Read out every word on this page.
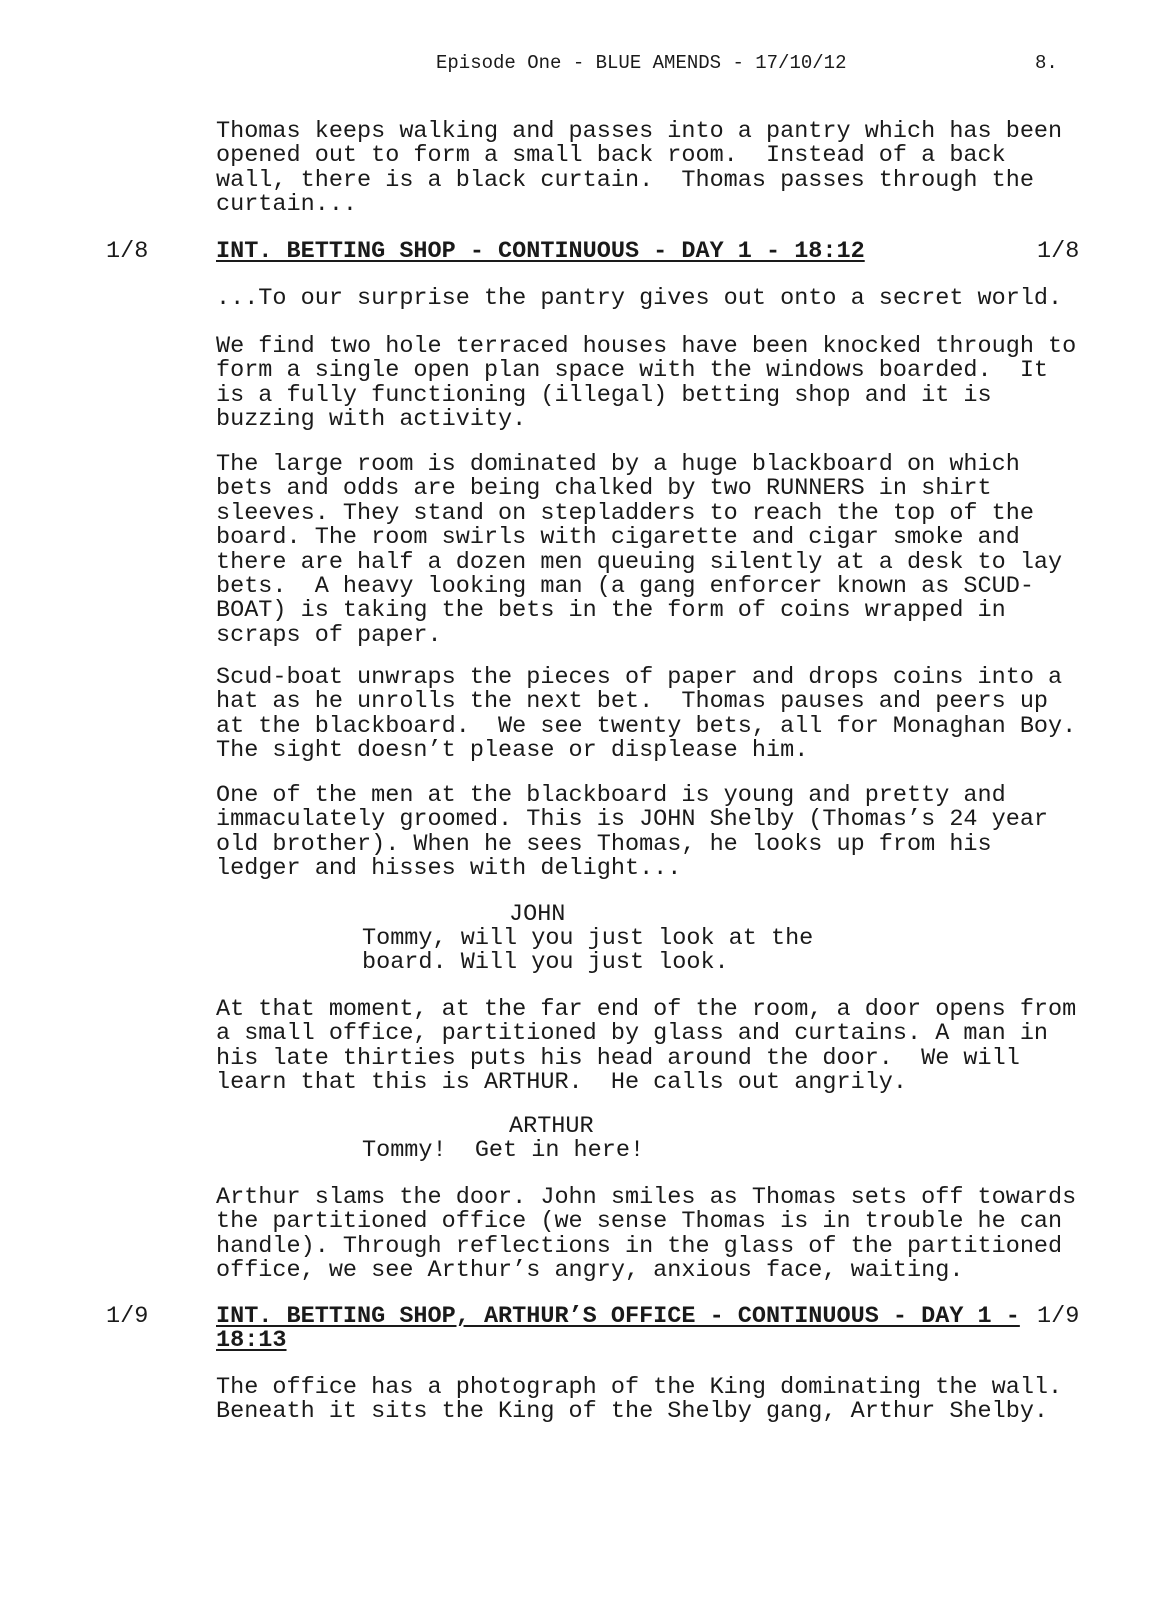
Episode One - BLUE AMENDS - 17/10/12	8.
Thomas keeps walking and passes into a pantry which has been
opened out to form a small back room.  Instead of a back
wall, there is a black curtain.  Thomas passes through the
curtain...
1/8	INT. BETTING SHOP - CONTINUOUS - DAY 1 - 18:12	1/8
...To our surprise the pantry gives out onto a secret world.
We find two hole terraced houses have been knocked through to
form a single open plan space with the windows boarded.  It
is a fully functioning (illegal) betting shop and it is
buzzing with activity.
The large room is dominated by a huge blackboard on which
bets and odds are being chalked by two RUNNERS in shirt
sleeves. They stand on stepladders to reach the top of the
board. The room swirls with cigarette and cigar smoke and
there are half a dozen men queuing silently at a desk to lay
bets.  A heavy looking man (a gang enforcer known as SCUD-
BOAT) is taking the bets in the form of coins wrapped in
scraps of paper.
Scud-boat unwraps the pieces of paper and drops coins into a
hat as he unrolls the next bet.  Thomas pauses and peers up
at the blackboard.  We see twenty bets, all for Monaghan Boy.
The sight doesn’t please or displease him.
One of the men at the blackboard is young and pretty and
immaculately groomed. This is JOHN Shelby (Thomas’s 24 year
old brother). When he sees Thomas, he looks up from his
ledger and hisses with delight...
JOHN
Tommy, will you just look at the
board. Will you just look.
At that moment, at the far end of the room, a door opens from
a small office, partitioned by glass and curtains. A man in
his late thirties puts his head around the door.  We will
learn that this is ARTHUR.  He calls out angrily.
ARTHUR
Tommy!  Get in here!
Arthur slams the door. John smiles as Thomas sets off towards
the partitioned office (we sense Thomas is in trouble he can
handle). Through reflections in the glass of the partitioned
office, we see Arthur’s angry, anxious face, waiting.
1/9	INT. BETTING SHOP, ARTHUR’S OFFICE - CONTINUOUS - DAY 1 -
18:13
1/9
The office has a photograph of the King dominating the wall.
Beneath it sits the King of the Shelby gang, Arthur Shelby.
